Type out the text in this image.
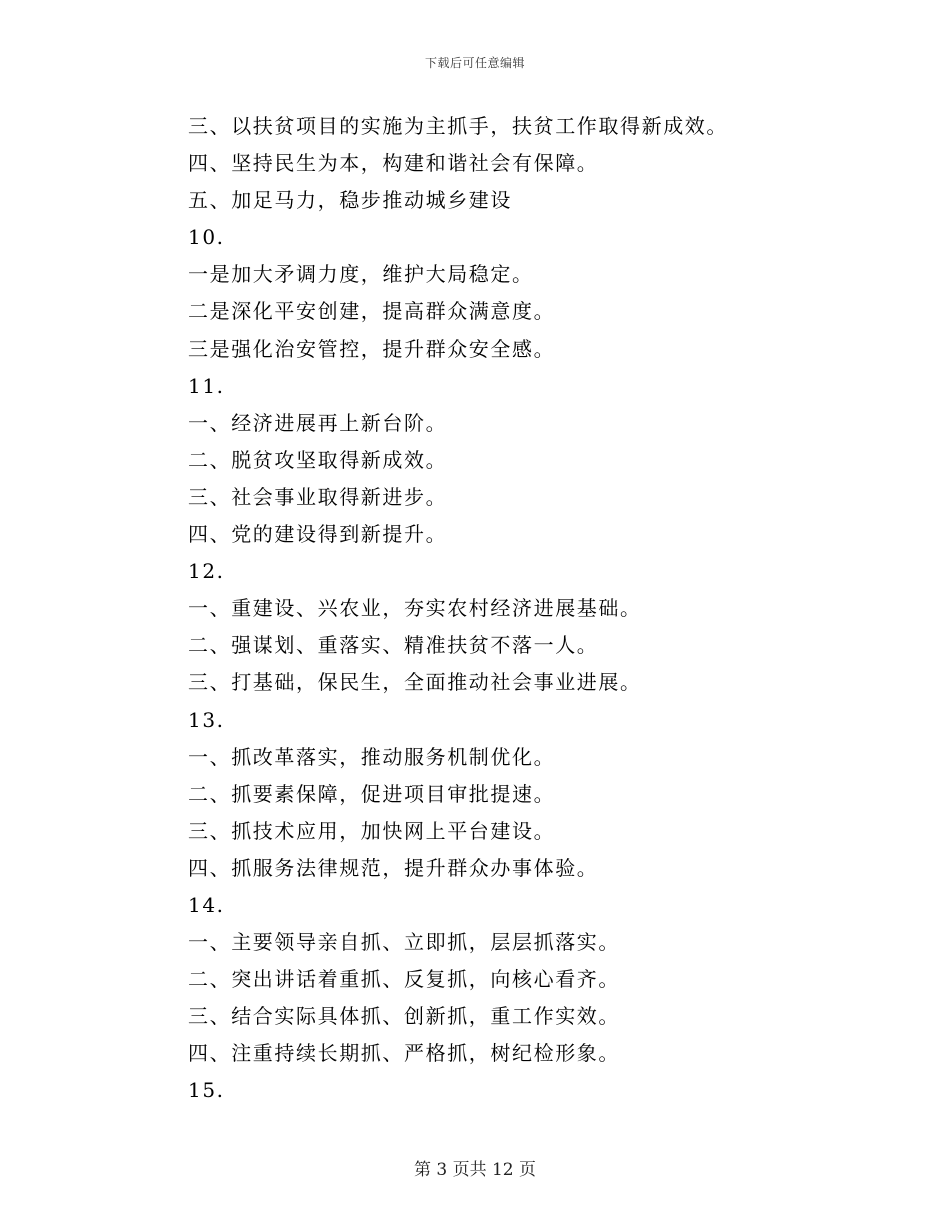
下载后可任意编辑
三、以扶贫项目的实施为主抓手，扶贫工作取得新成效。
四、坚持民生为本，构建和谐社会有保障。
五、加足马力，稳步推动城乡建设
10.
一是加大矛调力度，维护大局稳定。
二是深化平安创建，提高群众满意度。
三是强化治安管控，提升群众安全感。
11.
一、经济进展再上新台阶。
二、脱贫攻坚取得新成效。
三、社会事业取得新进步。
四、党的建设得到新提升。
12.
一、重建设、兴农业，夯实农村经济进展基础。
二、强谋划、重落实、精准扶贫不落一人。
三、打基础，保民生，全面推动社会事业进展。
13.
一、抓改革落实，推动服务机制优化。
二、抓要素保障，促进项目审批提速。
三、抓技术应用，加快网上平台建设。
四、抓服务法律规范，提升群众办事体验。
14.
一、主要领导亲自抓、立即抓，层层抓落实。
二、突出讲话着重抓、反复抓，向核心看齐。
三、结合实际具体抓、创新抓，重工作实效。
四、注重持续长期抓、严格抓，树纪检形象。
15.
第 3 页共 12 页
